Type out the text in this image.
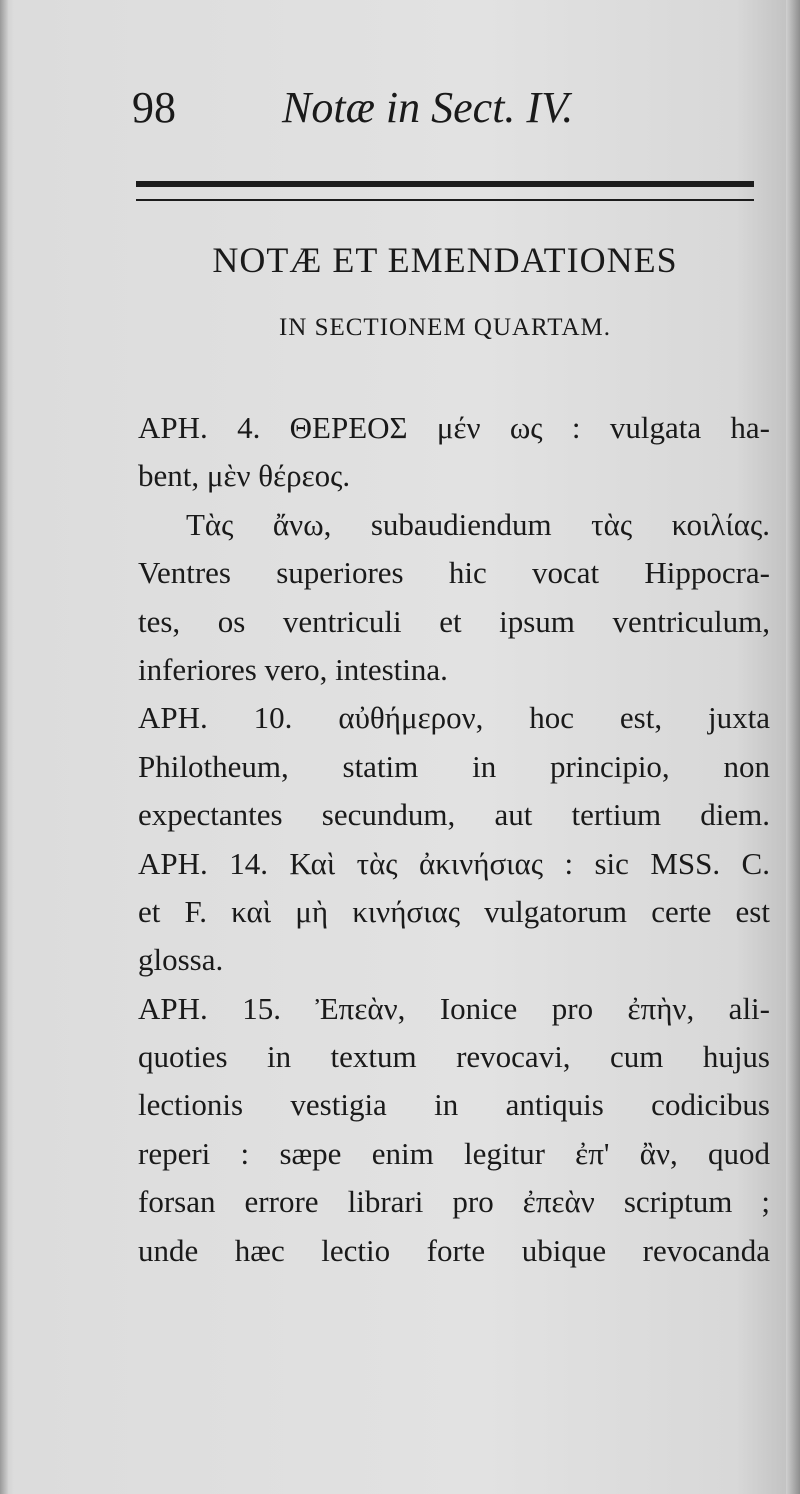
98 Notæ in Sect. IV.
NOTÆ ET EMENDATIONES
IN SECTIONEM QUARTAM.
APH. 4. ΘΕΡΕΟΣ μέν ως : vulgata ha-
bent, μὲν θέρεος.
Τὰς ἄνω, subaudiendum τὰς κοιλίας.
Ventres superiores hic vocat Hippocra-
tes, os ventriculi et ipsum ventriculum,
inferiores vero, intestina.
APH. 10. αὐθήμερον, hoc est, juxta
Philotheum, statim in principio, non
expectantes secundum, aut tertium diem.
APH. 14. Καὶ τὰς ἀκινήσιας : sic MSS. C.
et F. καὶ μὴ κινήσιας vulgatorum certe est
glossa.
APH. 15. Ἐπεὰν, Ionice pro ἐπὴν, ali-
quoties in textum revocavi, cum hujus
lectionis vestigia in antiquis codicibus
reperi : sæpe enim legitur ἐπ' ἂν, quod
forsan errore librari pro ἐπεὰν scriptum ;
unde hæc lectio forte ubique revocanda
